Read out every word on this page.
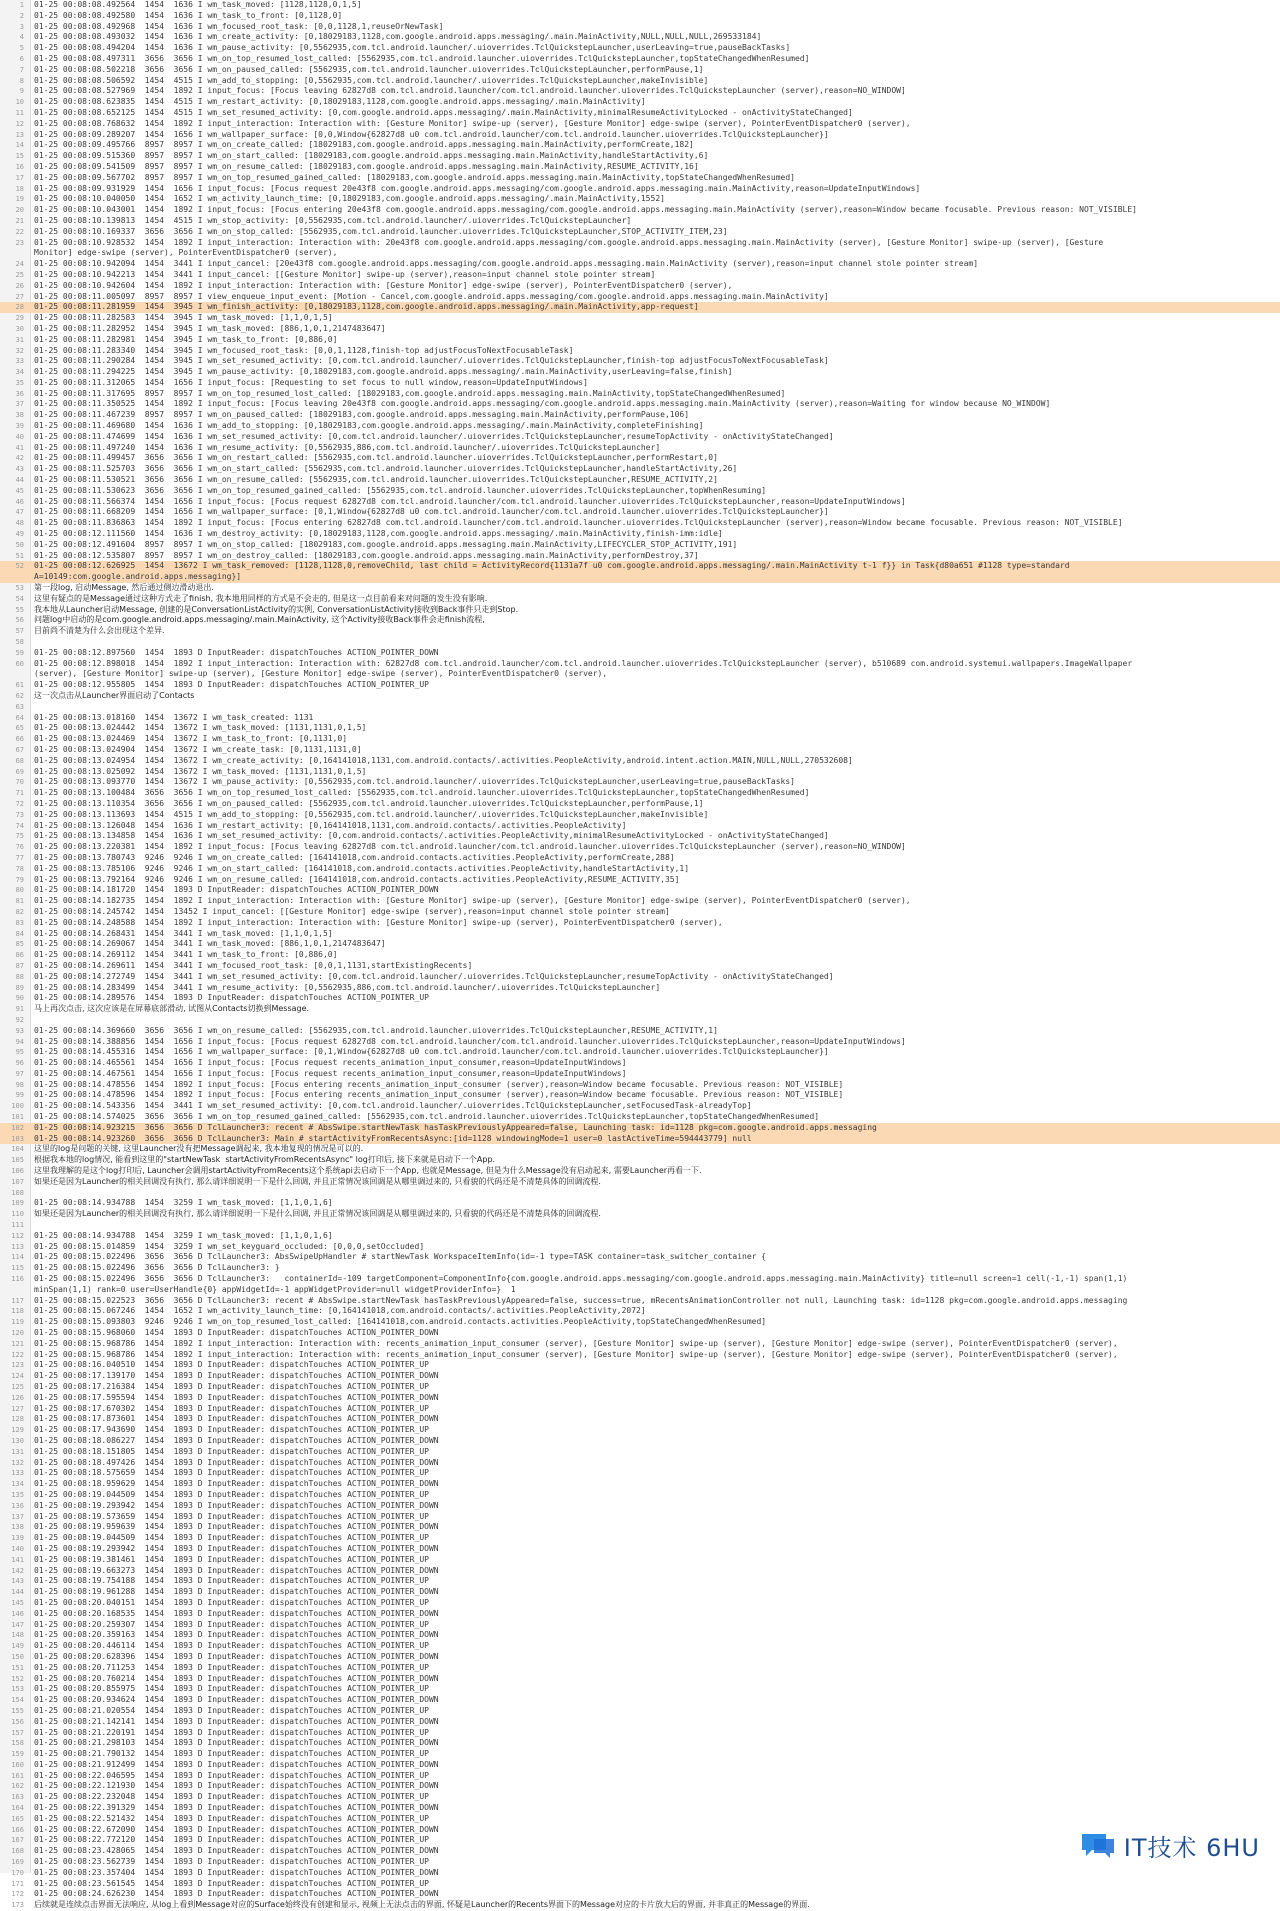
1 01-25 00:08:08.492564  1454  1636 I wm_task_moved: [1128,1128,0,1,5]
2 01-25 00:08:08.492580  1454  1636 I wm_task_to_front: [0,1128,0]
3 01-25 00:08:08.492968  1454  1636 I wm_focused_root_task: [0,0,1128,1,reuseOrNewTask]
4 01-25 00:08:08.493032  1454  1636 I wm_create_activity: [0,18029183,1128,com.google.android.apps.messaging/.main.MainActivity,NULL,NULL,NULL,269533184]
5 01-25 00:08:08.494204  1454  1636 I wm_pause_activity: [0,5562935,com.tcl.android.launcher/.uioverrides.TclQuickstepLauncher,userLeaving=true,pauseBackTasks]
6 01-25 00:08:08.497311  3656  3656 I wm_on_top_resumed_lost_called: [5562935,com.tcl.android.launcher.uioverrides.TclQuickstepLauncher,topStateChangedWhenResumed]
7 01-25 00:08:08.502218  3656  3656 I wm_on_paused_called: [5562935,com.tcl.android.launcher.uioverrides.TclQuickstepLauncher,performPause,1]
8 01-25 00:08:08.506592  1454  4515 I wm_add_to_stopping: [0,5562935,com.tcl.android.launcher/.uioverrides.TclQuickstepLauncher,makeInvisible]
9 01-25 00:08:08.527969  1454  1892 I input_focus: [Focus leaving 62827d8 com.tcl.android.launcher/com.tcl.android.launcher.uioverrides.TclQuickstepLauncher (server),reason=NO_WINDOW]
10 01-25 00:08:08.623835  1454  4515 I wm_restart_activity: [0,18029183,1128,com.google.android.apps.messaging/.main.MainActivity]
11 01-25 00:08:08.652125  1454  4515 I wm_set_resumed_activity: [0,com.google.android.apps.messaging/.main.MainActivity,minimalResumeActivityLocked - onActivityStateChanged]
12 01-25 00:08:08.768632  1454  1892 I input_interaction: Interaction with: [Gesture Monitor] swipe-up (server), [Gesture Monitor] edge-swipe (server), PointerEventDispatcher0 (server),
13 01-25 00:08:09.289207  1454  1656 I wm_wallpaper_surface: [0,0,Window{62827d8 u0 com.tcl.android.launcher/com.tcl.android.launcher.uioverrides.TclQuickstepLauncher}]
14 01-25 00:08:09.495766  8957  8957 I wm_on_create_called: [18029183,com.google.android.apps.messaging.main.MainActivity,performCreate,182]
15 01-25 00:08:09.515360  8957  8957 I wm_on_start_called: [18029183,com.google.android.apps.messaging.main.MainActivity,handleStartActivity,6]
16 01-25 00:08:09.541509  8957  8957 I wm_on_resume_called: [18029183,com.google.android.apps.messaging.main.MainActivity,RESUME_ACTIVITY,16]
17 01-25 00:08:09.567702  8957  8957 I wm_on_top_resumed_gained_called: [18029183,com.google.android.apps.messaging.main.MainActivity,topStateChangedWhenResumed]
18 01-25 00:08:09.931929  1454  1656 I input_focus: [Focus request 20e43f8 com.google.android.apps.messaging/com.google.android.apps.messaging.main.MainActivity,reason=UpdateInputWindows]
19 01-25 00:08:10.040050  1454  1652 I wm_activity_launch_time: [0,18029183,com.google.android.apps.messaging/.main.MainActivity,1552]
20 01-25 00:08:10.043001  1454  1892 I input_focus: [Focus entering 20e43f8 com.google.android.apps.messaging/com.google.android.apps.messaging.main.MainActivity (server),reason=Window became focusable. Previous reason: NOT_VISIBLE]
21 01-25 00:08:10.139813  1454  4515 I wm_stop_activity: [0,5562935,com.tcl.android.launcher/.uioverrides.TclQuickstepLauncher]
22 01-25 00:08:10.169337  3656  3656 I wm_on_stop_called: [5562935,com.tcl.android.launcher.uioverrides.TclQuickstepLauncher,STOP_ACTIVITY_ITEM,23]
23 01-25 00:08:10.928532  1454  1892 I input_interaction: Interaction with: 20e43f8 com.google.android.apps.messaging/com.google.android.apps.messaging.main.MainActivity (server), [Gesture Monitor] swipe-up (server), [Gesture
Monitor] edge-swipe (server), PointerEventDispatcher0 (server),
24 01-25 00:08:10.942094  1454  3441 I input_cancel: [20e43f8 com.google.android.apps.messaging/com.google.android.apps.messaging.main.MainActivity (server),reason=input channel stole pointer stream]
25 01-25 00:08:10.942213  1454  3441 I input_cancel: [[Gesture Monitor] swipe-up (server),reason=input channel stole pointer stream]
26 01-25 00:08:10.942604  1454  1892 I input_interaction: Interaction with: [Gesture Monitor] edge-swipe (server), PointerEventDispatcher0 (server),
27 01-25 00:08:11.005097  8957  8957 I view_enqueue_input_event: [Motion - Cancel,com.google.android.apps.messaging/com.google.android.apps.messaging.main.MainActivity]
28 01-25 00:08:11.281959  1454  3945 I wm_finish_activity: [0,18029183,1128,com.google.android.apps.messaging/.main.MainActivity,app-request]
29 01-25 00:08:11.282583  1454  3945 I wm_task_moved: [1,1,0,1,5]
30 01-25 00:08:11.282952  1454  3945 I wm_task_moved: [886,1,0,1,2147483647]
31 01-25 00:08:11.282981  1454  3945 I wm_task_to_front: [0,886,0]
32 01-25 00:08:11.283340  1454  3945 I wm_focused_root_task: [0,0,1,1128,finish-top adjustFocusToNextFocusableTask]
33 01-25 00:08:11.290284  1454  3945 I wm_set_resumed_activity: [0,com.tcl.android.launcher/.uioverrides.TclQuickstepLauncher,finish-top adjustFocusToNextFocusableTask]
34 01-25 00:08:11.294225  1454  3945 I wm_pause_activity: [0,18029183,com.google.android.apps.messaging/.main.MainActivity,userLeaving=false,finish]
35 01-25 00:08:11.312065  1454  1656 I input_focus: [Requesting to set focus to null window,reason=UpdateInputWindows]
36 01-25 00:08:11.317695  8957  8957 I wm_on_top_resumed_lost_called: [18029183,com.google.android.apps.messaging.main.MainActivity,topStateChangedWhenResumed]
37 01-25 00:08:11.350525  1454  1892 I input_focus: [Focus leaving 20e43f8 com.google.android.apps.messaging/com.google.android.apps.messaging.main.MainActivity (server),reason=Waiting for window because NO_WINDOW]
38 01-25 00:08:11.467239  8957  8957 I wm_on_paused_called: [18029183,com.google.android.apps.messaging.main.MainActivity,performPause,106]
39 01-25 00:08:11.469680  1454  1636 I wm_add_to_stopping: [0,18029183,com.google.android.apps.messaging/.main.MainActivity,completeFinishing]
40 01-25 00:08:11.474699  1454  1636 I wm_set_resumed_activity: [0,com.tcl.android.launcher/.uioverrides.TclQuickstepLauncher,resumeTopActivity - onActivityStateChanged]
41 01-25 00:08:11.497240  1454  1636 I wm_resume_activity: [0,5562935,886,com.tcl.android.launcher/.uioverrides.TclQuickstepLauncher]
42 01-25 00:08:11.499457  3656  3656 I wm_on_restart_called: [5562935,com.tcl.android.launcher.uioverrides.TclQuickstepLauncher,performRestart,0]
43 01-25 00:08:11.525703  3656  3656 I wm_on_start_called: [5562935,com.tcl.android.launcher.uioverrides.TclQuickstepLauncher,handleStartActivity,26]
44 01-25 00:08:11.530521  3656  3656 I wm_on_resume_called: [5562935,com.tcl.android.launcher.uioverrides.TclQuickstepLauncher,RESUME_ACTIVITY,2]
45 01-25 00:08:11.530623  3656  3656 I wm_on_top_resumed_gained_called: [5562935,com.tcl.android.launcher.uioverrides.TclQuickstepLauncher,topWhenResuming]
46 01-25 00:08:11.566374  1454  1656 I input_focus: [Focus request 62827d8 com.tcl.android.launcher/com.tcl.android.launcher.uioverrides.TclQuickstepLauncher,reason=UpdateInputWindows]
47 01-25 00:08:11.668209  1454  1656 I wm_wallpaper_surface: [0,1,Window{62827d8 u0 com.tcl.android.launcher/com.tcl.android.launcher.uioverrides.TclQuickstepLauncher}]
48 01-25 00:08:11.836863  1454  1892 I input_focus: [Focus entering 62827d8 com.tcl.android.launcher/com.tcl.android.launcher.uioverrides.TclQuickstepLauncher (server),reason=Window became focusable. Previous reason: NOT_VISIBLE]
49 01-25 00:08:12.111560  1454  1636 I wm_destroy_activity: [0,18029183,1128,com.google.android.apps.messaging/.main.MainActivity,finish-imm:idle]
50 01-25 00:08:12.491604  8957  8957 I wm_on_stop_called: [18029183,com.google.android.apps.messaging.main.MainActivity,LIFECYCLER_STOP_ACTIVITY,191]
51 01-25 00:08:12.535807  8957  8957 I wm_on_destroy_called: [18029183,com.google.android.apps.messaging.main.MainActivity,performDestroy,37]
52 01-25 00:08:12.626925  1454  13672 I wm_task_removed: [1128,1128,0,removeChild, last child = ActivityRecord{1131a7f u0 com.google.android.apps.messaging/.main.MainActivity t-1 f}} in Task{d80a651 #1128 type=standard
A=10149:com.google.android.apps.messaging}]
53 第一段log, 启动Message, 然后通过侧边滑动退出.
54 这里有疑点的是Message通过这种方式走了finish, 我本地用同样的方式是不会走的, 但是这一点目前看来对问题的发生没有影响.
55 我本地从Launcher启动Message, 创建的是ConversationListActivity的实例, ConversationListActivity接收到Back事件只走到Stop.
56 问题log中启动的是com.google.android.apps.messaging/.main.MainActivity, 这个Activity接收Back事件会走finish流程,
57 目前尚不清楚为什么会出现这个差异.
58
59 01-25 00:08:12.897560  1454  1893 D InputReader: dispatchTouches ACTION_POINTER_DOWN
60 01-25 00:08:12.898018  1454  1892 I input_interaction: Interaction with: 62827d8 com.tcl.android.launcher/com.tcl.android.launcher.uioverrides.TclQuickstepLauncher (server), b510689 com.android.systemui.wallpapers.ImageWallpaper
(server), [Gesture Monitor] swipe-up (server), [Gesture Monitor] edge-swipe (server), PointerEventDispatcher0 (server),
61 01-25 00:08:12.955805  1454  1893 D InputReader: dispatchTouches ACTION_POINTER_UP
62 这一次点击从Launcher界面启动了Contacts
63
64 01-25 00:08:13.018160  1454  13672 I wm_task_created: 1131
65 01-25 00:08:13.024442  1454  13672 I wm_task_moved: [1131,1131,0,1,5]
66 01-25 00:08:13.024469  1454  13672 I wm_task_to_front: [0,1131,0]
67 01-25 00:08:13.024904  1454  13672 I wm_create_task: [0,1131,1131,0]
68 01-25 00:08:13.024954  1454  13672 I wm_create_activity: [0,164141018,1131,com.android.contacts/.activities.PeopleActivity,android.intent.action.MAIN,NULL,NULL,270532608]
69 01-25 00:08:13.025092  1454  13672 I wm_task_moved: [1131,1131,0,1,5]
70 01-25 00:08:13.093770  1454  13672 I wm_pause_activity: [0,5562935,com.tcl.android.launcher/.uioverrides.TclQuickstepLauncher,userLeaving=true,pauseBackTasks]
71 01-25 00:08:13.100484  3656  3656 I wm_on_top_resumed_lost_called: [5562935,com.tcl.android.launcher.uioverrides.TclQuickstepLauncher,topStateChangedWhenResumed]
72 01-25 00:08:13.110354  3656  3656 I wm_on_paused_called: [5562935,com.tcl.android.launcher.uioverrides.TclQuickstepLauncher,performPause,1]
73 01-25 00:08:13.113693  1454  4515 I wm_add_to_stopping: [0,5562935,com.tcl.android.launcher/.uioverrides.TclQuickstepLauncher,makeInvisible]
74 01-25 00:08:13.126048  1454  1636 I wm_restart_activity: [0,164141018,1131,com.android.contacts/.activities.PeopleActivity]
75 01-25 00:08:13.134858  1454  1636 I wm_set_resumed_activity: [0,com.android.contacts/.activities.PeopleActivity,minimalResumeActivityLocked - onActivityStateChanged]
76 01-25 00:08:13.220381  1454  1892 I input_focus: [Focus leaving 62827d8 com.tcl.android.launcher/com.tcl.android.launcher.uioverrides.TclQuickstepLauncher (server),reason=NO_WINDOW]
77 01-25 00:08:13.780743  9246  9246 I wm_on_create_called: [164141018,com.android.contacts.activities.PeopleActivity,performCreate,288]
78 01-25 00:08:13.785106  9246  9246 I wm_on_start_called: [164141018,com.android.contacts.activities.PeopleActivity,handleStartActivity,1]
79 01-25 00:08:13.792164  9246  9246 I wm_on_resume_called: [164141018,com.android.contacts.activities.PeopleActivity,RESUME_ACTIVITY,35]
80 01-25 00:08:14.181720  1454  1893 D InputReader: dispatchTouches ACTION_POINTER_DOWN
81 01-25 00:08:14.182735  1454  1892 I input_interaction: Interaction with: [Gesture Monitor] swipe-up (server), [Gesture Monitor] edge-swipe (server), PointerEventDispatcher0 (server),
82 01-25 00:08:14.245742  1454  13452 I input_cancel: [[Gesture Monitor] edge-swipe (server),reason=input channel stole pointer stream]
83 01-25 00:08:14.248588  1454  1892 I input_interaction: Interaction with: [Gesture Monitor] swipe-up (server), PointerEventDispatcher0 (server),
84 01-25 00:08:14.268431  1454  3441 I wm_task_moved: [1,1,0,1,5]
85 01-25 00:08:14.269067  1454  3441 I wm_task_moved: [886,1,0,1,2147483647]
86 01-25 00:08:14.269112  1454  3441 I wm_task_to_front: [0,886,0]
87 01-25 00:08:14.269611  1454  3441 I wm_focused_root_task: [0,0,1,1131,startExistingRecents]
88 01-25 00:08:14.272749  1454  3441 I wm_set_resumed_activity: [0,com.tcl.android.launcher/.uioverrides.TclQuickstepLauncher,resumeTopActivity - onActivityStateChanged]
89 01-25 00:08:14.283499  1454  3441 I wm_resume_activity: [0,5562935,886,com.tcl.android.launcher/.uioverrides.TclQuickstepLauncher]
90 01-25 00:08:14.289576  1454  1893 D InputReader: dispatchTouches ACTION_POINTER_UP
91 马上再次点击, 这次应该是在屏幕底部滑动, 试图从Contacts切换到Message.
92
93 01-25 00:08:14.369660  3656  3656 I wm_on_resume_called: [5562935,com.tcl.android.launcher.uioverrides.TclQuickstepLauncher,RESUME_ACTIVITY,1]
94 01-25 00:08:14.388856  1454  1656 I input_focus: [Focus request 62827d8 com.tcl.android.launcher/com.tcl.android.launcher.uioverrides.TclQuickstepLauncher,reason=UpdateInputWindows]
95 01-25 00:08:14.455316  1454  1656 I wm_wallpaper_surface: [0,1,Window{62827d8 u0 com.tcl.android.launcher/com.tcl.android.launcher.uioverrides.TclQuickstepLauncher}]
96 01-25 00:08:14.465561  1454  1656 I input_focus: [Focus request recents_animation_input_consumer,reason=UpdateInputWindows]
97 01-25 00:08:14.467561  1454  1656 I input_focus: [Focus request recents_animation_input_consumer,reason=UpdateInputWindows]
98 01-25 00:08:14.478556  1454  1892 I input_focus: [Focus entering recents_animation_input_consumer (server),reason=Window became focusable. Previous reason: NOT_VISIBLE]
99 01-25 00:08:14.478596  1454  1892 I input_focus: [Focus entering recents_animation_input_consumer (server),reason=Window became focusable. Previous reason: NOT_VISIBLE]
100 01-25 00:08:14.543356  1454  3441 I wm_set_resumed_activity: [0,com.tcl.android.launcher/.uioverrides.TclQuickstepLauncher,setFocusedTask-alreadyTop]
101 01-25 00:08:14.574025  3656  3656 I wm_on_top_resumed_gained_called: [5562935,com.tcl.android.launcher.uioverrides.TclQuickstepLauncher,topStateChangedWhenResumed]
102 01-25 00:08:14.923215  3656  3656 D TclLauncher3: recent # AbsSwipe.startNewTask hasTaskPreviouslyAppeared=false, Launching task: id=1128 pkg=com.google.android.apps.messaging
103 01-25 00:08:14.923260  3656  3656 D TclLauncher3: Main # startActivityFromRecentsAsync:[id=1128 windowingMode=1 user=0 lastActiveTime=594443779] null
104 这里的log是问题的关键, 这里Launcher没有把Message调起来, 我本地复现的情况是可以的.
105 根据我本地的log情况, 能看到这里的"startNewTask  startActivityFromRecentsAsync" log打印后, 接下来就是启动下一个App.
106 这里我理解的是这个log打印后, Launcher会调用startActivityFromRecents这个系统api去启动下一个App, 也就是Message, 但是为什么Message没有启动起来, 需要Launcher再看一下.
107 如果还是因为Launcher的相关回调没有执行, 那么请详细说明一下是什么回调, 并且正常情况该回调是从哪里调过来的, 只看貌的代码还是不清楚具体的回调流程.
108
109 01-25 00:08:14.934788  1454  3259 I wm_task_moved: [1,1,0,1,6]
110 如果还是因为Launcher的相关回调没有执行, 那么请详细说明一下是什么回调, 并且正常情况该回调是从哪里调过来的, 只看貌的代码还是不清楚具体的回调流程.
111
112 01-25 00:08:14.934788  1454  3259 I wm_task_moved: [1,1,0,1,6]
113 01-25 00:08:15.014859  1454  3259 I wm_set_keyguard_occluded: [0,0,0,setOccluded]
114 01-25 00:08:15.022496  3656  3656 D TclLauncher3: AbsSwipeUpHandler # startNewTask WorkspaceItemInfo(id=-1 type=TASK container=task_switcher_container {
115 01-25 00:08:15.022496  3656  3656 D TclLauncher3: }
116 01-25 00:08:15.022496  3656  3656 D TclLauncher3:   containerId=-109 targetComponent=ComponentInfo{com.google.android.apps.messaging/com.google.android.apps.messaging.main.MainActivity} title=null screen=1 cell(-1,-1) span(1,1)
minSpan(1,1) rank=0 user=UserHandle{0} appWidgetId=-1 appWidgetProvider=null widgetProviderInfo=}  1
117 01-25 00:08:15.022523  3656  3656 D TclLauncher3: recent # AbsSwipe.startNewTask hasTaskPreviouslyAppeared=false, success=true, mRecentsAnimationController not null, Launching task: id=1128 pkg=com.google.android.apps.messaging
118 01-25 00:08:15.067246  1454  1652 I wm_activity_launch_time: [0,164141018,com.android.contacts/.activities.PeopleActivity,2072]
119 01-25 00:08:15.093803  9246  9246 I wm_on_top_resumed_lost_called: [164141018,com.android.contacts.activities.PeopleActivity,topStateChangedWhenResumed]
120 01-25 00:08:15.968060  1454  1893 D InputReader: dispatchTouches ACTION_POINTER_DOWN
121 01-25 00:08:15.968786  1454  1892 I input_interaction: Interaction with: recents_animation_input_consumer (server), [Gesture Monitor] swipe-up (server), [Gesture Monitor] edge-swipe (server), PointerEventDispatcher0 (server),
122 01-25 00:08:15.968786  1454  1892 I input_interaction: Interaction with: recents_animation_input_consumer (server), [Gesture Monitor] swipe-up (server), [Gesture Monitor] edge-swipe (server), PointerEventDispatcher0 (server),
123 01-25 00:08:16.040510  1454  1893 D InputReader: dispatchTouches ACTION_POINTER_UP
124 01-25 00:08:17.139170  1454  1893 D InputReader: dispatchTouches ACTION_POINTER_DOWN
125 01-25 00:08:17.216384  1454  1893 D InputReader: dispatchTouches ACTION_POINTER_UP
126 01-25 00:08:17.595594  1454  1893 D InputReader: dispatchTouches ACTION_POINTER_DOWN
127 01-25 00:08:17.670302  1454  1893 D InputReader: dispatchTouches ACTION_POINTER_UP
128 01-25 00:08:17.873601  1454  1893 D InputReader: dispatchTouches ACTION_POINTER_DOWN
129 01-25 00:08:17.943690  1454  1893 D InputReader: dispatchTouches ACTION_POINTER_UP
130 01-25 00:08:18.086227  1454  1893 D InputReader: dispatchTouches ACTION_POINTER_DOWN
131 01-25 00:08:18.151805  1454  1893 D InputReader: dispatchTouches ACTION_POINTER_UP
132 01-25 00:08:18.497426  1454  1893 D InputReader: dispatchTouches ACTION_POINTER_DOWN
133 01-25 00:08:18.575659  1454  1893 D InputReader: dispatchTouches ACTION_POINTER_UP
134 01-25 00:08:18.959629  1454  1893 D InputReader: dispatchTouches ACTION_POINTER_DOWN
135 01-25 00:08:19.044509  1454  1893 D InputReader: dispatchTouches ACTION_POINTER_UP
136 01-25 00:08:19.293942  1454  1893 D InputReader: dispatchTouches ACTION_POINTER_DOWN
137 01-25 00:08:19.573659  1454  1893 D InputReader: dispatchTouches ACTION_POINTER_UP
138 01-25 00:08:19.959639  1454  1893 D InputReader: dispatchTouches ACTION_POINTER_DOWN
139 01-25 00:08:19.044509  1454  1893 D InputReader: dispatchTouches ACTION_POINTER_UP
140 01-25 00:08:19.293942  1454  1893 D InputReader: dispatchTouches ACTION_POINTER_DOWN
141 01-25 00:08:19.381461  1454  1893 D InputReader: dispatchTouches ACTION_POINTER_UP
142 01-25 00:08:19.663273  1454  1893 D InputReader: dispatchTouches ACTION_POINTER_DOWN
143 01-25 00:08:19.754188  1454  1893 D InputReader: dispatchTouches ACTION_POINTER_UP
144 01-25 00:08:19.961288  1454  1893 D InputReader: dispatchTouches ACTION_POINTER_DOWN
145 01-25 00:08:20.040151  1454  1893 D InputReader: dispatchTouches ACTION_POINTER_UP
146 01-25 00:08:20.168535  1454  1893 D InputReader: dispatchTouches ACTION_POINTER_DOWN
147 01-25 00:08:20.259307  1454  1893 D InputReader: dispatchTouches ACTION_POINTER_UP
148 01-25 00:08:20.359163  1454  1893 D InputReader: dispatchTouches ACTION_POINTER_DOWN
149 01-25 00:08:20.446114  1454  1893 D InputReader: dispatchTouches ACTION_POINTER_UP
150 01-25 00:08:20.628396  1454  1893 D InputReader: dispatchTouches ACTION_POINTER_DOWN
151 01-25 00:08:20.711253  1454  1893 D InputReader: dispatchTouches ACTION_POINTER_UP
152 01-25 00:08:20.760214  1454  1893 D InputReader: dispatchTouches ACTION_POINTER_DOWN
153 01-25 00:08:20.855975  1454  1893 D InputReader: dispatchTouches ACTION_POINTER_UP
154 01-25 00:08:20.934624  1454  1893 D InputReader: dispatchTouches ACTION_POINTER_DOWN
155 01-25 00:08:21.020554  1454  1893 D InputReader: dispatchTouches ACTION_POINTER_UP
156 01-25 00:08:21.142141  1454  1893 D InputReader: dispatchTouches ACTION_POINTER_DOWN
157 01-25 00:08:21.220191  1454  1893 D InputReader: dispatchTouches ACTION_POINTER_UP
158 01-25 00:08:21.298103  1454  1893 D InputReader: dispatchTouches ACTION_POINTER_DOWN
159 01-25 00:08:21.790132  1454  1893 D InputReader: dispatchTouches ACTION_POINTER_UP
160 01-25 00:08:21.912499  1454  1893 D InputReader: dispatchTouches ACTION_POINTER_DOWN
161 01-25 00:08:22.046595  1454  1893 D InputReader: dispatchTouches ACTION_POINTER_UP
162 01-25 00:08:22.121930  1454  1893 D InputReader: dispatchTouches ACTION_POINTER_DOWN
163 01-25 00:08:22.232048  1454  1893 D InputReader: dispatchTouches ACTION_POINTER_UP
164 01-25 00:08:22.391329  1454  1893 D InputReader: dispatchTouches ACTION_POINTER_DOWN
165 01-25 00:08:22.521432  1454  1893 D InputReader: dispatchTouches ACTION_POINTER_UP
166 01-25 00:08:22.672090  1454  1893 D InputReader: dispatchTouches ACTION_POINTER_DOWN
167 01-25 00:08:22.772120  1454  1893 D InputReader: dispatchTouches ACTION_POINTER_UP
168 01-25 00:08:23.428065  1454  1893 D InputReader: dispatchTouches ACTION_POINTER_DOWN
169 01-25 00:08:23.562739  1454  1893 D InputReader: dispatchTouches ACTION_POINTER_UP
170 01-25 00:08:23.357404  1454  1893 D InputReader: dispatchTouches ACTION_POINTER_DOWN
171 01-25 00:08:23.561545  1454  1893 D InputReader: dispatchTouches ACTION_POINTER_UP
172 01-25 00:08:24.626230  1454  1893 D InputReader: dispatchTouches ACTION_POINTER_DOWN
173 后续就是连续点击界面无法响应, 从log上看到Message对应的Surface始终没有创建和显示, 视频上无法点击的界面, 怀疑是Launcher的Recents界面下的Message对应的卡片放大后的界面, 并非真正的Message的界面.
IT技术 6HU
